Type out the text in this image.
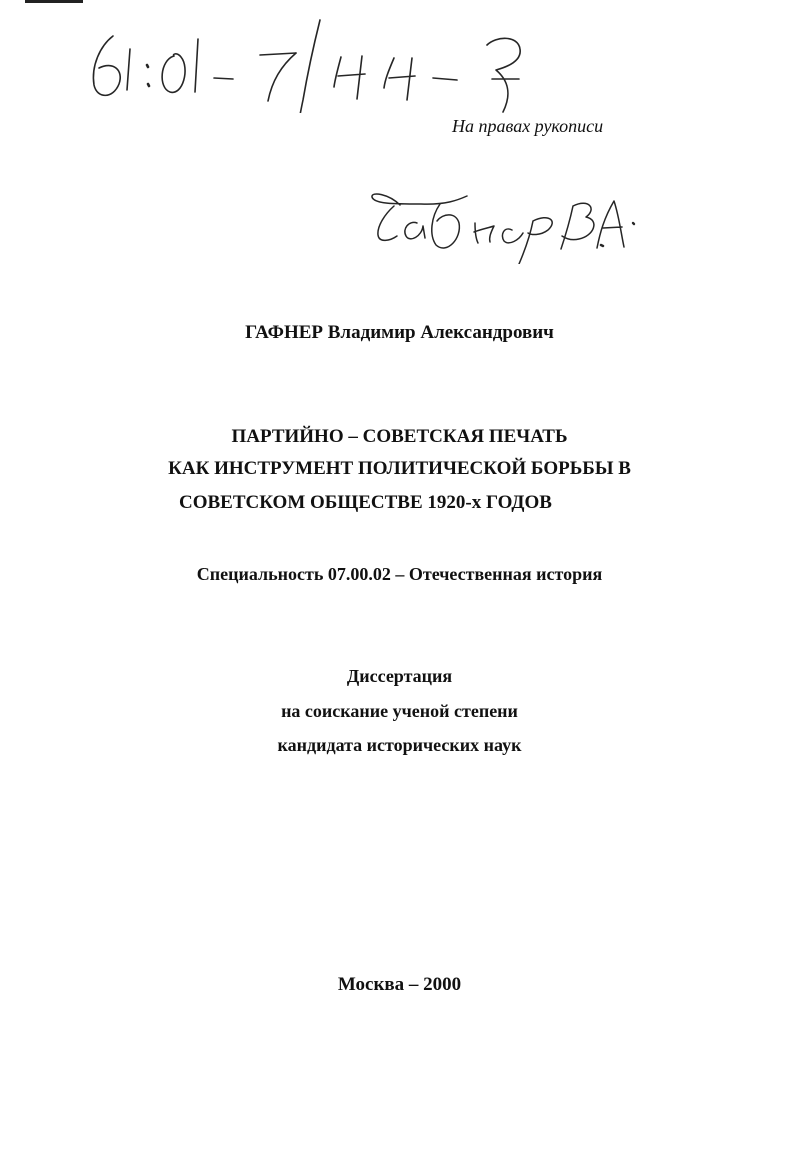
На правах рукописи
ГАФНЕР Владимир Александрович
ПАРТИЙНО – СОВЕТСКАЯ ПЕЧАТЬ
КАК ИНСТРУМЕНТ ПОЛИТИЧЕСКОЙ БОРЬБЫ В
СОВЕТСКОМ ОБЩЕСТВЕ 1920-х ГОДОВ
Специальность 07.00.02 – Отечественная история
Диссертация
на соискание ученой степени
кандидата исторических наук
Москва – 2000
